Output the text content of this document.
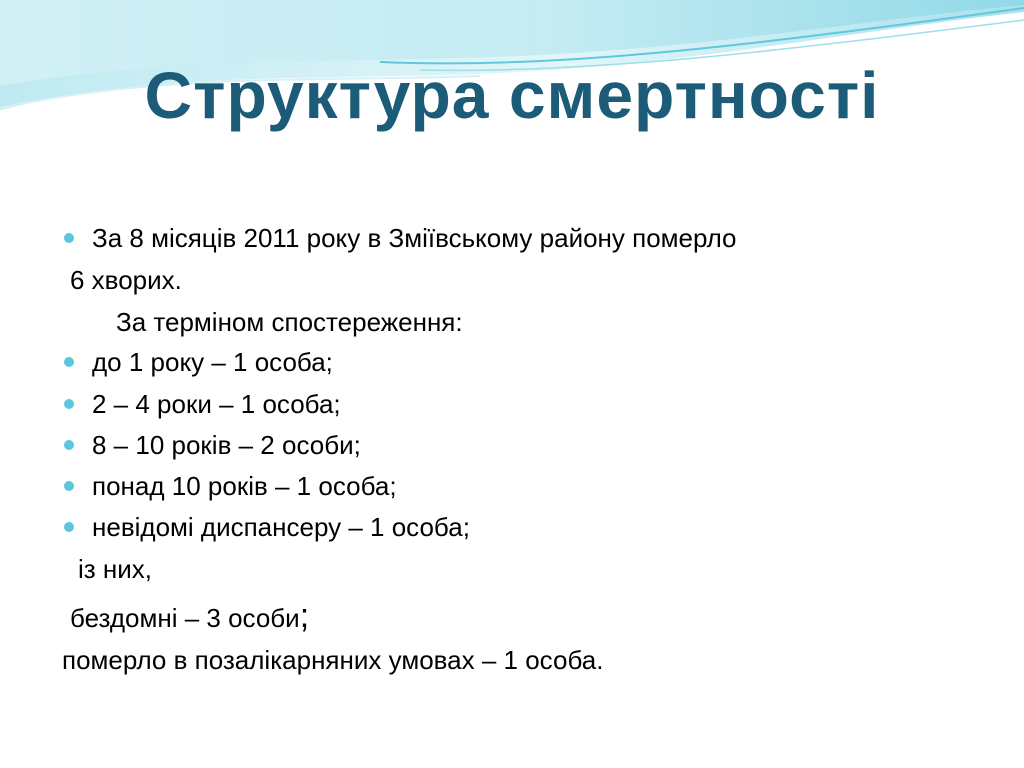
Структура смертності
За 8 місяців 2011 року в Зміївському району померло
6 хворих.
За терміном спостереження:
до 1 року – 1 особа;
2 – 4 роки – 1 особа;
8 – 10 років – 2 особи;
понад 10 років – 1 особа;
невідомі диспансеру – 1 особа;
із них,
бездомні – 3 особи;
померло в позалікарняних умовах – 1 особа.
